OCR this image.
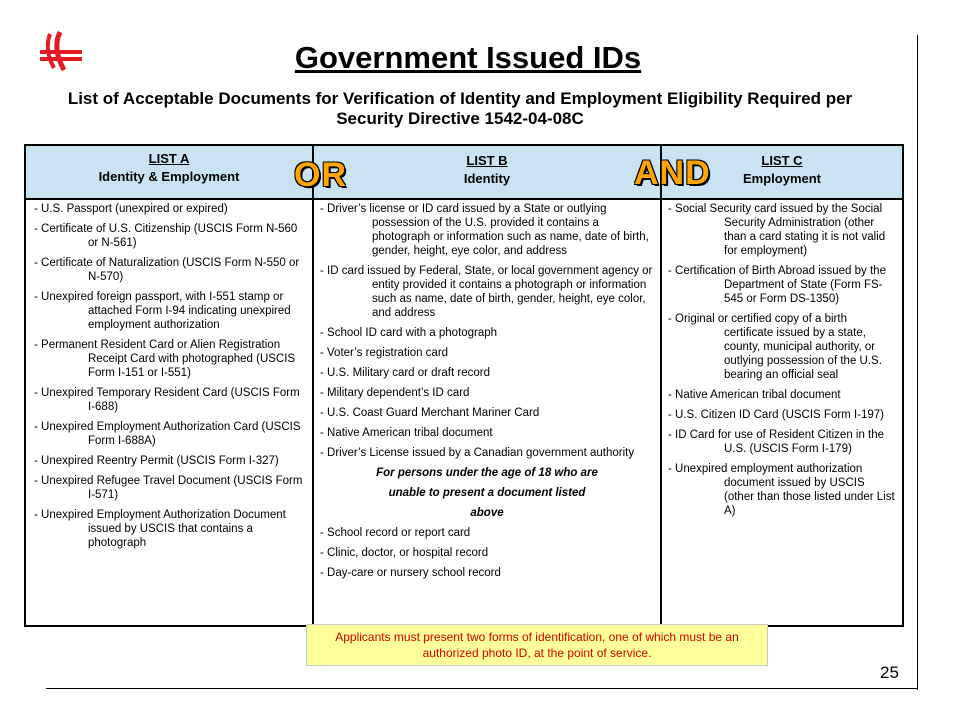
Government Issued IDs
List of Acceptable Documents for Verification of Identity and Employment Eligibility Required per Security Directive 1542-04-08C
LIST A
Identity & Employment
LIST B
Identity
LIST C
Employment
OR	AND

- U.S. Passport (unexpired or expired)

- Certificate of U.S. Citizenship (USCIS Form N-560 or N-561)

- Certificate of Naturalization (USCIS Form N-550 or N-570)

- Unexpired foreign passport, with I-551 stamp or attached Form I-94 indicating unexpired employment authorization

- Permanent Resident Card or Alien Registration Receipt Card with photographed (USCIS Form I-151 or I-551)

- Unexpired Temporary Resident Card (USCIS Form I-688)

- Unexpired Employment Authorization Card (USCIS Form I-688A)

- Unexpired Reentry Permit (USCIS Form I-327)

- Unexpired Refugee Travel Document (USCIS Form I-571)

- Unexpired Employment Authorization Document issued by USCIS that contains a photograph

- Driver’s license or ID card issued by a State or outlying possession of the U.S. provided it contains a photograph or information such as name, date of birth, gender, height, eye color, and address

- ID card issued by Federal, State, or local government agency or entity provided it contains a photograph or information such as name, date of birth, gender, height, eye color, and address

- School ID card with a photograph

- Voter’s registration card

- U.S. Military card or draft record

- Military dependent’s ID card

- U.S. Coast Guard Merchant Mariner Card

- Native American tribal document

- Driver’s License issued by a Canadian government authority

For persons under the age of 18 who are

unable to present a document listed

above

- School record or report card

- Clinic, doctor, or hospital record

- Day-care or nursery school record

- Social Security card issued by the Social Security Administration (other than a card stating it is not valid for employment)

- Certification of Birth Abroad issued by the Department of State (Form FS-545 or Form DS-1350)

- Original or certified copy of a birth certificate issued by a state, county, municipal authority, or outlying possession of the U.S. bearing an official seal

- Native American tribal document

- U.S. Citizen ID Card (USCIS Form I-197)

- ID Card for use of Resident Citizen in the U.S. (USCIS Form I-179)

- Unexpired employment authorization document issued by USCIS (other than those listed under List A)

Applicants must present two forms of identification, one of which must be an authorized photo ID, at the point of service.
25
